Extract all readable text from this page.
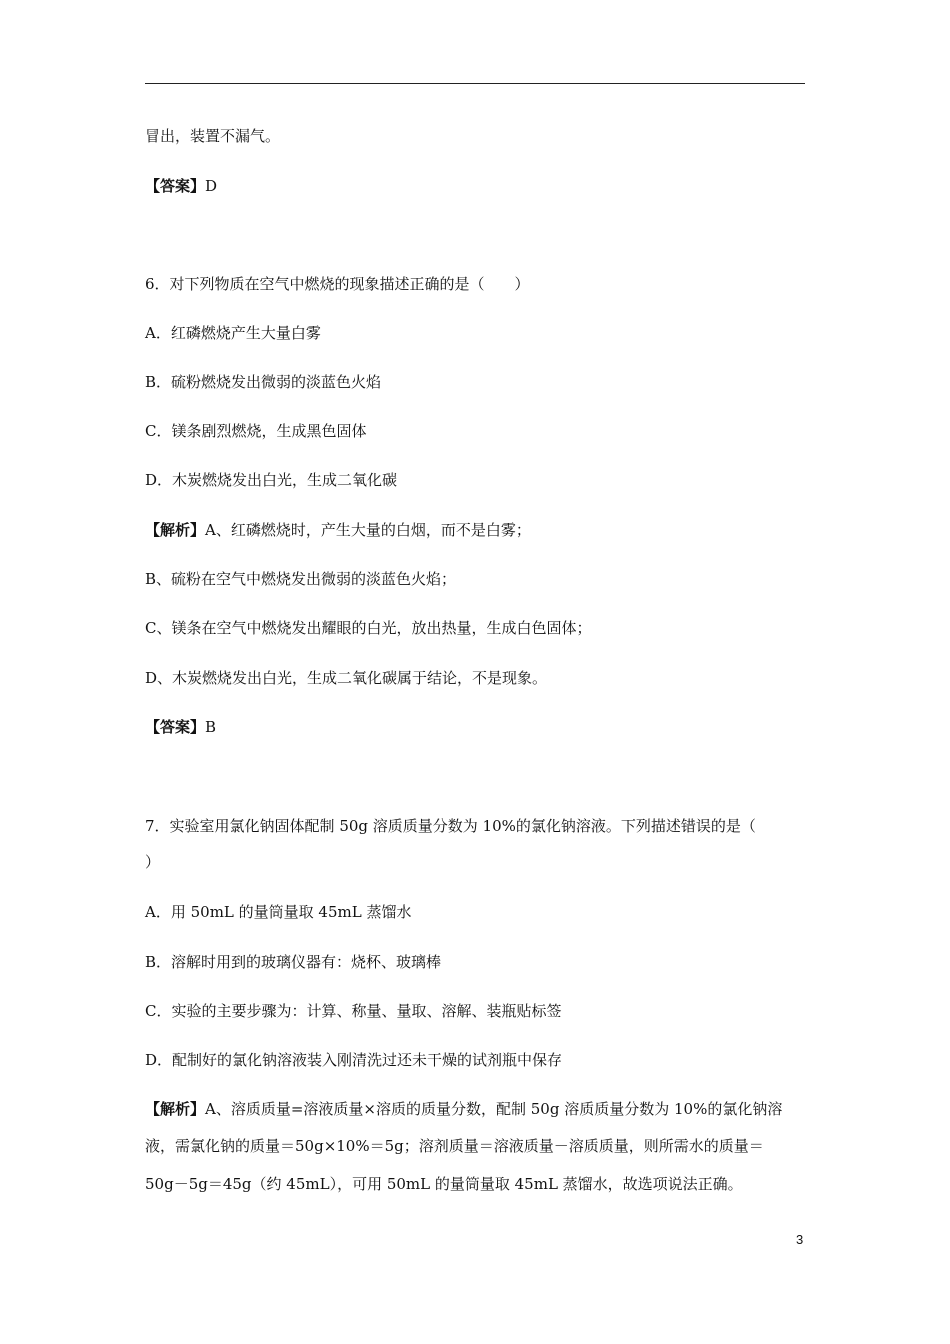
冒出，装置不漏气。
【答案】D
6．对下列物质在空气中燃烧的现象描述正确的是（　　）
A．红磷燃烧产生大量白雾
B．硫粉燃烧发出微弱的淡蓝色火焰
C．镁条剧烈燃烧，生成黑色固体
D．木炭燃烧发出白光，生成二氧化碳
【解析】A、红磷燃烧时，产生大量的白烟，而不是白雾；
B、硫粉在空气中燃烧发出微弱的淡蓝色火焰；
C、镁条在空气中燃烧发出耀眼的白光，放出热量，生成白色固体；
D、木炭燃烧发出白光，生成二氧化碳属于结论，不是现象。
【答案】B
7．实验室用氯化钠固体配制 50g 溶质质量分数为 10%的氯化钠溶液。下列描述错误的是（
）
A．用 50mL 的量筒量取 45mL 蒸馏水
B．溶解时用到的玻璃仪器有：烧杯、玻璃棒
C．实验的主要步骤为：计算、称量、量取、溶解、装瓶贴标签
D．配制好的氯化钠溶液装入刚清洗过还未干燥的试剂瓶中保存
【解析】A、溶质质量=溶液质量×溶质的质量分数，配制 50g 溶质质量分数为 10%的氯化钠溶
液，需氯化钠的质量＝50g×10%＝5g；溶剂质量＝溶液质量－溶质质量，则所需水的质量＝
50g－5g＝45g（约 45mL），可用 50mL 的量筒量取 45mL 蒸馏水，故选项说法正确。
3
